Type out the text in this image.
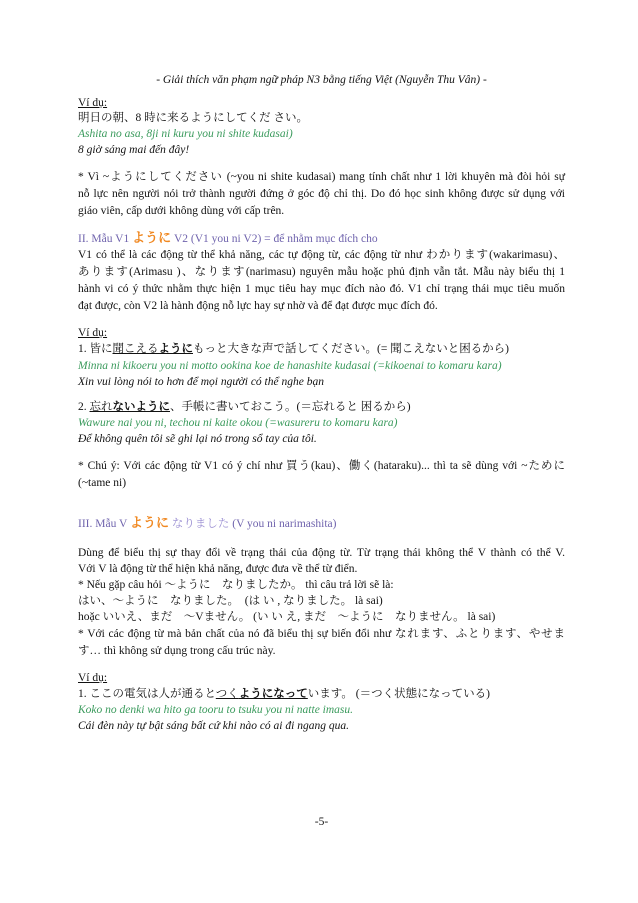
- Giải thích văn phạm ngữ pháp N3 bằng tiếng Việt (Nguyễn Thu Vân) -
Ví dụ:
明日の朝、8 時に来るようにしてくだ さい。
Ashita no asa, 8ji ni kuru you ni shite kudasai)
8 giờ sáng mai đến đây!
* Vì ~ようにしてください (~you ni shite kudasai) mang tính chất như 1 lời khuyên mà đòi hỏi sự
nỗ lực nên người nói trở thành người đứng ở góc độ chỉ thị. Do đó học sinh không được sử dụng với
giáo viên, cấp dưới không dùng với cấp trên.
II. Mẫu V1 ように V2 (V1 you ni V2) = để nhằm mục đích cho
V1 có thể là các động từ thể khả năng, các tự động từ, các động từ như わかります(wakarimasu)、
あります(Arimasu )、なります(narimasu) nguyên mẫu hoặc phủ định vẫn tắt. Mẫu này biểu thị 1
hành vi có ý thức nhằm thực hiện 1 mục tiêu hay mục đích nào đó. V1 chỉ trạng thái mục tiêu muốn
đạt được, còn V2 là hành động nỗ lực hay sự nhờ và để đạt được mục đích đó.
Ví dụ:
1. 皆に聞こえるようにもっと大きな声で話してください。(= 聞こえないと困るから)
Minna ni kikoeru you ni motto ookina koe de hanashite kudasai (=kikoenai to komaru kara)
Xin vui lòng nói to hơn để mọi người có thể nghe bạn
2. 忘れないように、手帳に書いておこう。(＝忘れると 困るから)
Wawure nai you ni, techou ni kaite okou (=wasureru to komaru kara)
Để không quên tôi sẽ ghi lại nó trong sổ tay của tôi.
* Chú ý: Với các động từ V1 có ý chí như 買う(kau)、働く(hataraku)... thì ta sẽ dùng với ~ために
(~tame ni)
III. Mẫu V ように なりました (V you ni narimashita)
Dùng để biểu thị sự thay đổi về trạng thái của động từ. Từ trạng thái không thể V thành có thể V.
Với V là động từ thể hiện khả năng, được đưa về thể từ điển.
* Nếu gặp câu hỏi ～ように　なりましたか。 thì câu trả lời sẽ là:
はい、～ように　なりました。　(は い , なりました。 là sai)
hoặc いいえ、まだ　～Vません。 (い い え, まだ　～ように　なりません。 là sai)
* Với các động từ mà bản chất của nó đã biểu thị sự biến đổi như なれます、ふとります、やせま
す… thì không sử dụng trong cấu trúc này.
Ví dụ:
1. ここの電気は人が通るとつくようになっています。 (＝つく状態になっている)
Koko no denki wa hito ga tooru to tsuku you ni natte imasu.
Cái đèn này tự bật sáng bất cứ khi nào có ai đi ngang qua.
-5-
